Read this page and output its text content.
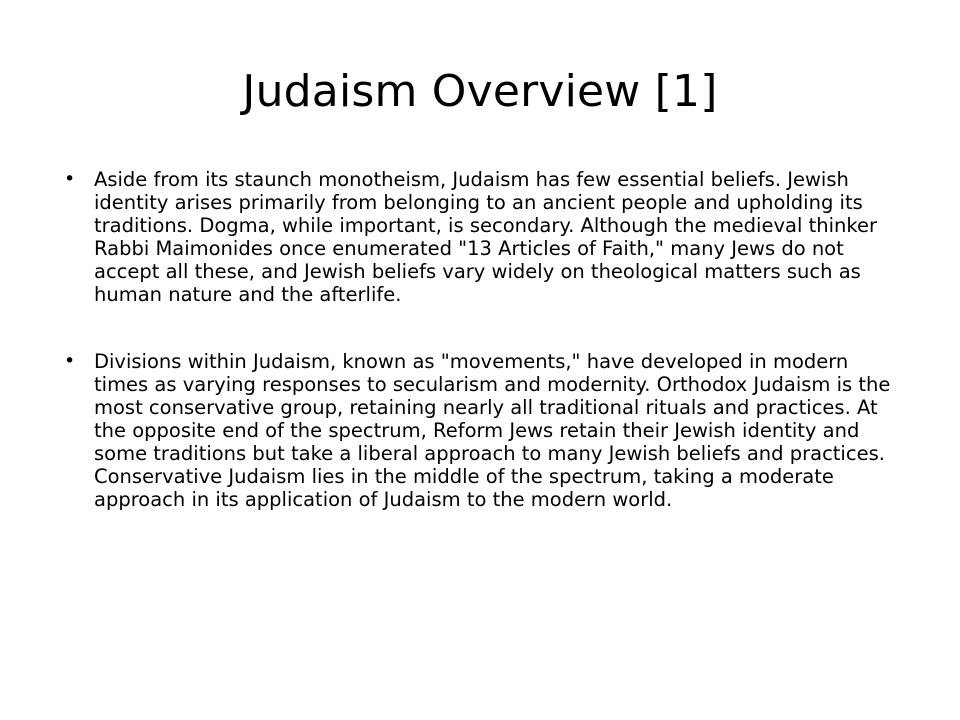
Judaism Overview [1]
• Aside from its staunch monotheism, Judaism has few essential beliefs. Jewish identity arises primarily from belonging to an ancient people and upholding its traditions. Dogma, while important, is secondary. Although the medieval thinker Rabbi Maimonides once enumerated "13 Articles of Faith," many Jews do not accept all these, and Jewish beliefs vary widely on theological matters such as human nature and the afterlife.
• Divisions within Judaism, known as "movements," have developed in modern times as varying responses to secularism and modernity. Orthodox Judaism is the most conservative group, retaining nearly all traditional rituals and practices. At the opposite end of the spectrum, Reform Jews retain their Jewish identity and some traditions but take a liberal approach to many Jewish beliefs and practices. Conservative Judaism lies in the middle of the spectrum, taking a moderate approach in its application of Judaism to the modern world.
